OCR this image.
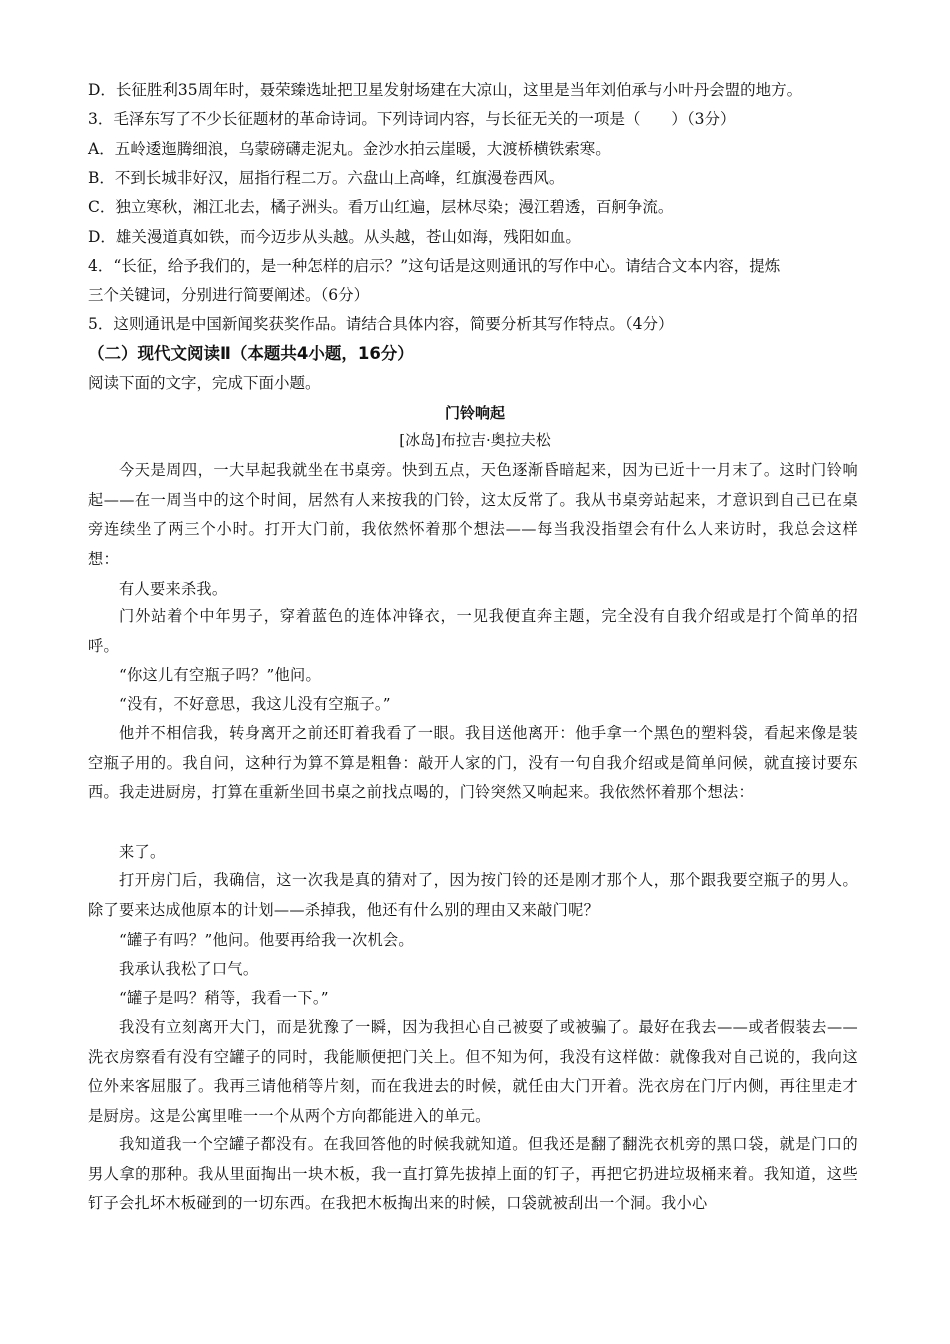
D．长征胜利35周年时，聂荣臻选址把卫星发射场建在大凉山，这里是当年刘伯承与小叶丹会盟的地方。
3．毛泽东写了不少长征题材的革命诗词。下列诗词内容，与长征无关的一项是（　　）（3分）
A．五岭逶迤腾细浪，乌蒙磅礴走泥丸。金沙水拍云崖暖，大渡桥横铁索寒。
B．不到长城非好汉，屈指行程二万。六盘山上高峰，红旗漫卷西风。
C．独立寒秋，湘江北去，橘子洲头。看万山红遍，层林尽染；漫江碧透，百舸争流。
D．雄关漫道真如铁，而今迈步从头越。从头越，苍山如海，残阳如血。
4．“长征，给予我们的，是一种怎样的启示？”这句话是这则通讯的写作中心。请结合文本内容，提炼
三个关键词，分别进行简要阐述。（6分）
5．这则通讯是中国新闻奖获奖作品。请结合具体内容，简要分析其写作特点。（4分）
（二）现代文阅读Ⅱ（本题共4小题，16分）
阅读下面的文字，完成下面小题。
门铃响起
[冰岛]布拉吉·奥拉夫松
今天是周四，一大早起我就坐在书桌旁。快到五点，天色逐渐昏暗起来，因为已近十一月末了。这时门铃响起——在一周当中的这个时间，居然有人来按我的门铃，这太反常了。我从书桌旁站起来，才意识到自己已在桌旁连续坐了两三个小时。打开大门前，我依然怀着那个想法——每当我没指望会有什么人来访时，我总会这样想：
有人要来杀我。
门外站着个中年男子，穿着蓝色的连体冲锋衣，一见我便直奔主题，完全没有自我介绍或是打个简单的招呼。
“你这儿有空瓶子吗？”他问。
“没有，不好意思，我这儿没有空瓶子。”
他并不相信我，转身离开之前还盯着我看了一眼。我目送他离开：他手拿一个黑色的塑料袋，看起来像是装空瓶子用的。我自问，这种行为算不算是粗鲁：敲开人家的门，没有一句自我介绍或是简单问候，就直接讨要东西。我走进厨房，打算在重新坐回书桌之前找点喝的，门铃突然又响起来。我依然怀着那个想法：
来了。
打开房门后，我确信，这一次我是真的猜对了，因为按门铃的还是刚才那个人，那个跟我要空瓶子的男人。除了要来达成他原本的计划——杀掉我，他还有什么别的理由又来敲门呢？
“罐子有吗？”他问。他要再给我一次机会。
我承认我松了口气。
“罐子是吗？稍等，我看一下。”
我没有立刻离开大门，而是犹豫了一瞬，因为我担心自己被耍了或被骗了。最好在我去——或者假装去——洗衣房察看有没有空罐子的同时，我能顺便把门关上。但不知为何，我没有这样做：就像我对自己说的，我向这位外来客屈服了。我再三请他稍等片刻，而在我进去的时候，就任由大门开着。洗衣房在门厅内侧，再往里走才是厨房。这是公寓里唯一一个从两个方向都能进入的单元。
我知道我一个空罐子都没有。在我回答他的时候我就知道。但我还是翻了翻洗衣机旁的黑口袋，就是门口的男人拿的那种。我从里面掏出一块木板，我一直打算先拔掉上面的钉子，再把它扔进垃圾桶来着。我知道，这些钉子会扎坏木板碰到的一切东西。在我把木板掏出来的时候，口袋就被刮出一个洞。我小心
